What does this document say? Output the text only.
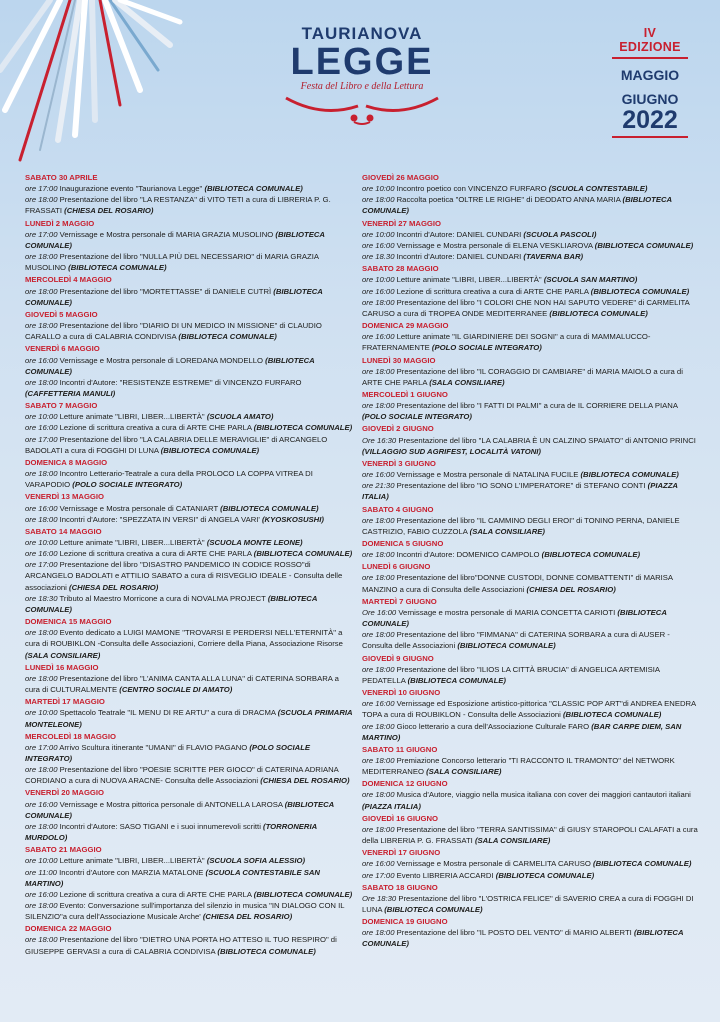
TAURIANOVA
LEGGE
Festa del Libro e della Lettura
IV EDIZIONE
MAGGIO
GIUGNO
2022
SABATO 30 APRILE
ore 17:00 Inaugurazione evento "Taurianova Legge" (BIBLIOTECA COMUNALE)
ore 18:00 Presentazione del libro "LA RESTANZA" di VITO TETI a cura di LIBRERIA P. G. FRASSATI (CHIESA DEL ROSARIO)
LUNEDÌ 2 MAGGIO
ore 17:00 Vernissage e Mostra personale di MARIA GRAZIA MUSOLINO (BIBLIOTECA COMUNALE)
ore 18:00 Presentazione del libro "NULLA PIÙ DEL NECESSARIO" di MARIA GRAZIA MUSOLINO (BIBLIOTECA COMUNALE)
MERCOLEDÌ 4 MAGGIO
ore 18:00 Presentazione del libro "MORTETTASSE" di DANIELE CUTRÌ (BIBLIOTECA COMUNALE)
GIOVEDÌ 5 MAGGIO
ore 18:00 Presentazione del libro "DIARIO DI UN MEDICO IN MISSIONE" di CLAUDIO CARALLO a cura di CALABRIA CONDIVISA (BIBLIOTECA COMUNALE)
VENERDÌ 6 MAGGIO
ore 16:00 Vernissage e Mostra personale di LOREDANA MONDELLO (BIBLIOTECA COMUNALE)
ore 18:00 Incontri d'Autore: "RESISTENZE ESTREME" di VINCENZO FURFARO (CAFFETTERIA MANULI)
SABATO 7 MAGGIO
ore 10:00 Letture animate "LIBRI, LIBER...LIBERTÀ" (SCUOLA AMATO)
ore 16:00 Lezione di scrittura creativa a cura di ARTE CHE PARLA (BIBLIOTECA COMUNALE)
ore 17:00 Presentazione del libro "LA CALABRIA DELLE MERAVIGLIE" di ARCANGELO BADOLATI a cura di FOGGHI DI LUNA (BIBLIOTECA COMUNALE)
DOMENICA 8 MAGGIO
ore 18:00 Incontro Letterario-Teatrale a cura della PROLOCO LA COPPA VITREA DI VARAPODIO (POLO SOCIALE INTEGRATO)
VENERDÌ 13 MAGGIO
ore 16:00 Vernissage e Mostra personale di CATANIART (BIBLIOTECA COMUNALE)
ore 18:00 Incontri d'Autore: "SPEZZATA IN VERSI" di ANGELA VARI' (KYOSKOSUSHI)
SABATO 14 MAGGIO
ore 10:00 Letture animate "LIBRI, LIBER...LIBERTÀ" (SCUOLA MONTE LEONE)
ore 16:00 Lezione di scrittura creativa a cura di ARTE CHE PARLA (BIBLIOTECA COMUNALE)
ore 17:00 Presentazione del libro "DISASTRO PANDEMICO IN CODICE ROSSO"di ARCANGELO BADOLATI e ATTILIO SABATO a cura di RISVEGLIO IDEALE - Consulta delle associazioni (CHIESA DEL ROSARIO)
ore 18:30 Tributo al Maestro Morricone a cura di NOVALMA PROJECT (BIBLIOTECA COMUNALE)
DOMENICA 15 MAGGIO
ore 18:00 Evento dedicato a LUIGI MAMONE "TROVARSI E PERDERSI NELL'ETERNITÀ" a cura di ROUBIKLON -Consulta delle Associazioni, Corriere della Piana, Associazione Risorse (SALA CONSILIARE)
LUNEDÌ 16 MAGGIO
ore 18:00 Presentazione del libro "L'ANIMA CANTA ALLA LUNA" di CATERINA SORBARA a cura di CULTURALMENTE (CENTRO SOCIALE DI AMATO)
MARTEDÌ 17 MAGGIO
ore 10:00 Spettacolo Teatrale "IL MENU DI RE ARTU" a cura di DRACMA (SCUOLA PRIMARIA MONTELEONE)
MERCOLEDÌ 18 MAGGIO
ore 17:00 Arrivo Scultura itinerante "UMANI" di FLAVIO PAGANO (POLO SOCIALE INTEGRATO)
ore 18:00 Presentazione del libro "POESIE SCRITTE PER GIOCO" di CATERINA ADRIANA CORDIANO a cura di NUOVA ARACNE- Consulta delle Associazioni (CHIESA DEL ROSARIO)
VENERDÌ 20 MAGGIO
ore 16:00 Vernissage e Mostra pittorica personale di ANTONELLA LAROSA (BIBLIOTECA COMUNALE)
ore 18:00 Incontri d'Autore: SASO TIGANI e i suoi innumerevoli scritti (TORRONERIA MURDOLO)
SABATO 21 MAGGIO
ore 10:00 Letture animate "LIBRI, LIBER...LIBERTÀ" (SCUOLA SOFIA ALESSIO)
ore 11:00 Incontri d'Autore con MARZIA MATALONE (SCUOLA CONTESTABILE SAN MARTINO)
ore 16:00 Lezione di scrittura creativa a cura di ARTE CHE PARLA (BIBLIOTECA COMUNALE)
ore 18:00 Evento: Conversazione sull'importanza del silenzio in musica "IN DIALOGO CON IL SILENZIO"a cura dell'Associazione Musicale Arche' (CHIESA DEL ROSARIO)
DOMENICA 22 MAGGIO
ore 18:00 Presentazione del libro "DIETRO UNA PORTA HO ATTESO IL TUO RESPIRO" di GIUSEPPE GERVASI a cura di CALABRIA CONDIVISA (BIBLIOTECA COMUNALE)
GIOVEDÌ 26 MAGGIO
ore 10:00 Incontro poetico con VINCENZO FURFARO (SCUOLA CONTESTABILE)
ore 18:00 Raccolta poetica "OLTRE LE RIGHE" di DEODATO ANNA MARIA (BIBLIOTECA COMUNALE)
VENERDÌ 27 MAGGIO
ore 10:00 Incontri d'Autore: DANIEL CUNDARI (SCUOLA PASCOLI)
ore 16:00 Vernissage e Mostra personale di ELENA VESKLIAROVA (BIBLIOTECA COMUNALE)
ore 18.30 Incontri d'Autore: DANIEL CUNDARI (TAVERNA BAR)
SABATO 28 MAGGIO
ore 10:00 Letture animate "LIBRI, LIBER...LIBERTÀ" (SCUOLA SAN MARTINO)
ore 16:00 Lezione di scrittura creativa a cura di ARTE CHE PARLA (BIBLIOTECA COMUNALE)
ore 18:00 Presentazione del libro "I COLORI CHE NON HAI SAPUTO VEDERE" di CARMELITA CARUSO a cura di TROPEA ONDE MEDITERRANEE (BIBLIOTECA COMUNALE)
DOMENICA 29 MAGGIO
ore 16:00 Letture animate "IL GIARDINIERE DEI SOGNI" a cura di MAMMALUCCO-FRATERNAMENTE (POLO SOCIALE INTEGRATO)
LUNEDÌ 30 MAGGIO
ore 18:00 Presentazione del libro "IL CORAGGIO DI CAMBIARE" di MARIA MAIOLO a cura di ARTE CHE PARLA (SALA CONSILIARE)
MERCOLEDÌ 1 GIUGNO
ore 18:00 Presentazione del libro "I FATTI DI PALMI" a cura de IL CORRIERE DELLA PIANA (POLO SOCIALE INTEGRATO)
GIOVEDÌ 2 GIUGNO
Ore 16:30 Presentazione del libro "LA CALABRIA È UN CALZINO SPAIATO" di ANTONIO PRINCI (VILLAGGIO SUD AGRIFEST, LOCALITÀ VATONI)
VENERDÌ 3 GIUGNO
ore 16:00 Vernissage e Mostra personale di NATALINA FUCILE (BIBLIOTECA COMUNALE)
ore 21:30 Presentazione del libro "IO SONO L'IMPERATORE" di STEFANO CONTI (PIAZZA ITALIA)
SABATO 4 GIUGNO
ore 18:00 Presentazione del libro "IL CAMMINO DEGLI EROI" di TONINO PERNA, DANIELE CASTRIZIO, FABIO CUZZOLA (SALA CONSILIARE)
DOMENICA 5 GIUGNO
ore 18:00 Incontri d'Autore: DOMENICO CAMPOLO (BIBLIOTECA COMUNALE)
LUNEDÌ 6 GIUGNO
ore 18:00 Presentazione del libro"DONNE CUSTODI, DONNE COMBATTENTI" di MARISA MANZINO a cura di Consulta delle Associazioni (CHIESA DEL ROSARIO)
MARTEDÌ 7 GIUGNO
Ore 16:00 Vernissage e mostra personale di MARIA CONCETTA CARIOTI (BIBLIOTECA COMUNALE)
ore 18:00 Presentazione del libro "FIMMANA" di CATERINA SORBARA a cura di AUSER - Consulta delle Associazioni (BIBLIOTECA COMUNALE)
GIOVEDÌ 9 GIUGNO
ore 18:00 Presentazione del libro "ILIOS LA CITTÀ BRUCIA" di ANGELICA ARTEMISIA PEDATELLA (BIBLIOTECA COMUNALE)
VENERDÌ 10 GIUGNO
ore 16:00 Vernissage ed Esposizione artistico-pittorica "CLASSIC POP ART"di ANDREA ENEDRA TOPA a cura di ROUBIKLON - Consulta delle Associazioni (BIBLIOTECA COMUNALE)
ore 18:00 Gioco letterario a cura dell'Associazione Culturale FARO (BAR CARPE DIEM, SAN MARTINO)
SABATO 11 GIUGNO
ore 18:00 Premiazione Concorso letterario "TI RACCONTO IL TRAMONTO" del NETWORK MEDITERRANEO (SALA CONSILIARE)
DOMENICA 12 GIUGNO
ore 18:00 Musica d'Autore, viaggio nella musica italiana con cover dei maggiori cantautori italiani (PIAZZA ITALIA)
GIOVEDÌ 16 GIUGNO
ore 18:00 Presentazione del libro "TERRA SANTISSIMA" di GIUSY STAROPOLI CALAFATI a cura della LIBRERIA P. G. FRASSATI (SALA CONSILIARE)
VENERDÌ 17 GIUGNO
ore 16:00 Vernissage e Mostra personale di CARMELITA CARUSO (BIBLIOTECA COMUNALE)
ore 17:00 Evento LIBRERIA ACCARDI (BIBLIOTECA COMUNALE)
SABATO 18 GIUGNO
Ore 18:30 Presentazione del libro "L'OSTRICA FELICE" di SAVERIO CREA a cura di FOGGHI DI LUNA (BIBLIOTECA COMUNALE)
DOMENICA 19 GIUGNO
ore 18:00 Presentazione del libro "IL POSTO DEL VENTO" di MARIO ALBERTI (BIBLIOTECA COMUNALE)
